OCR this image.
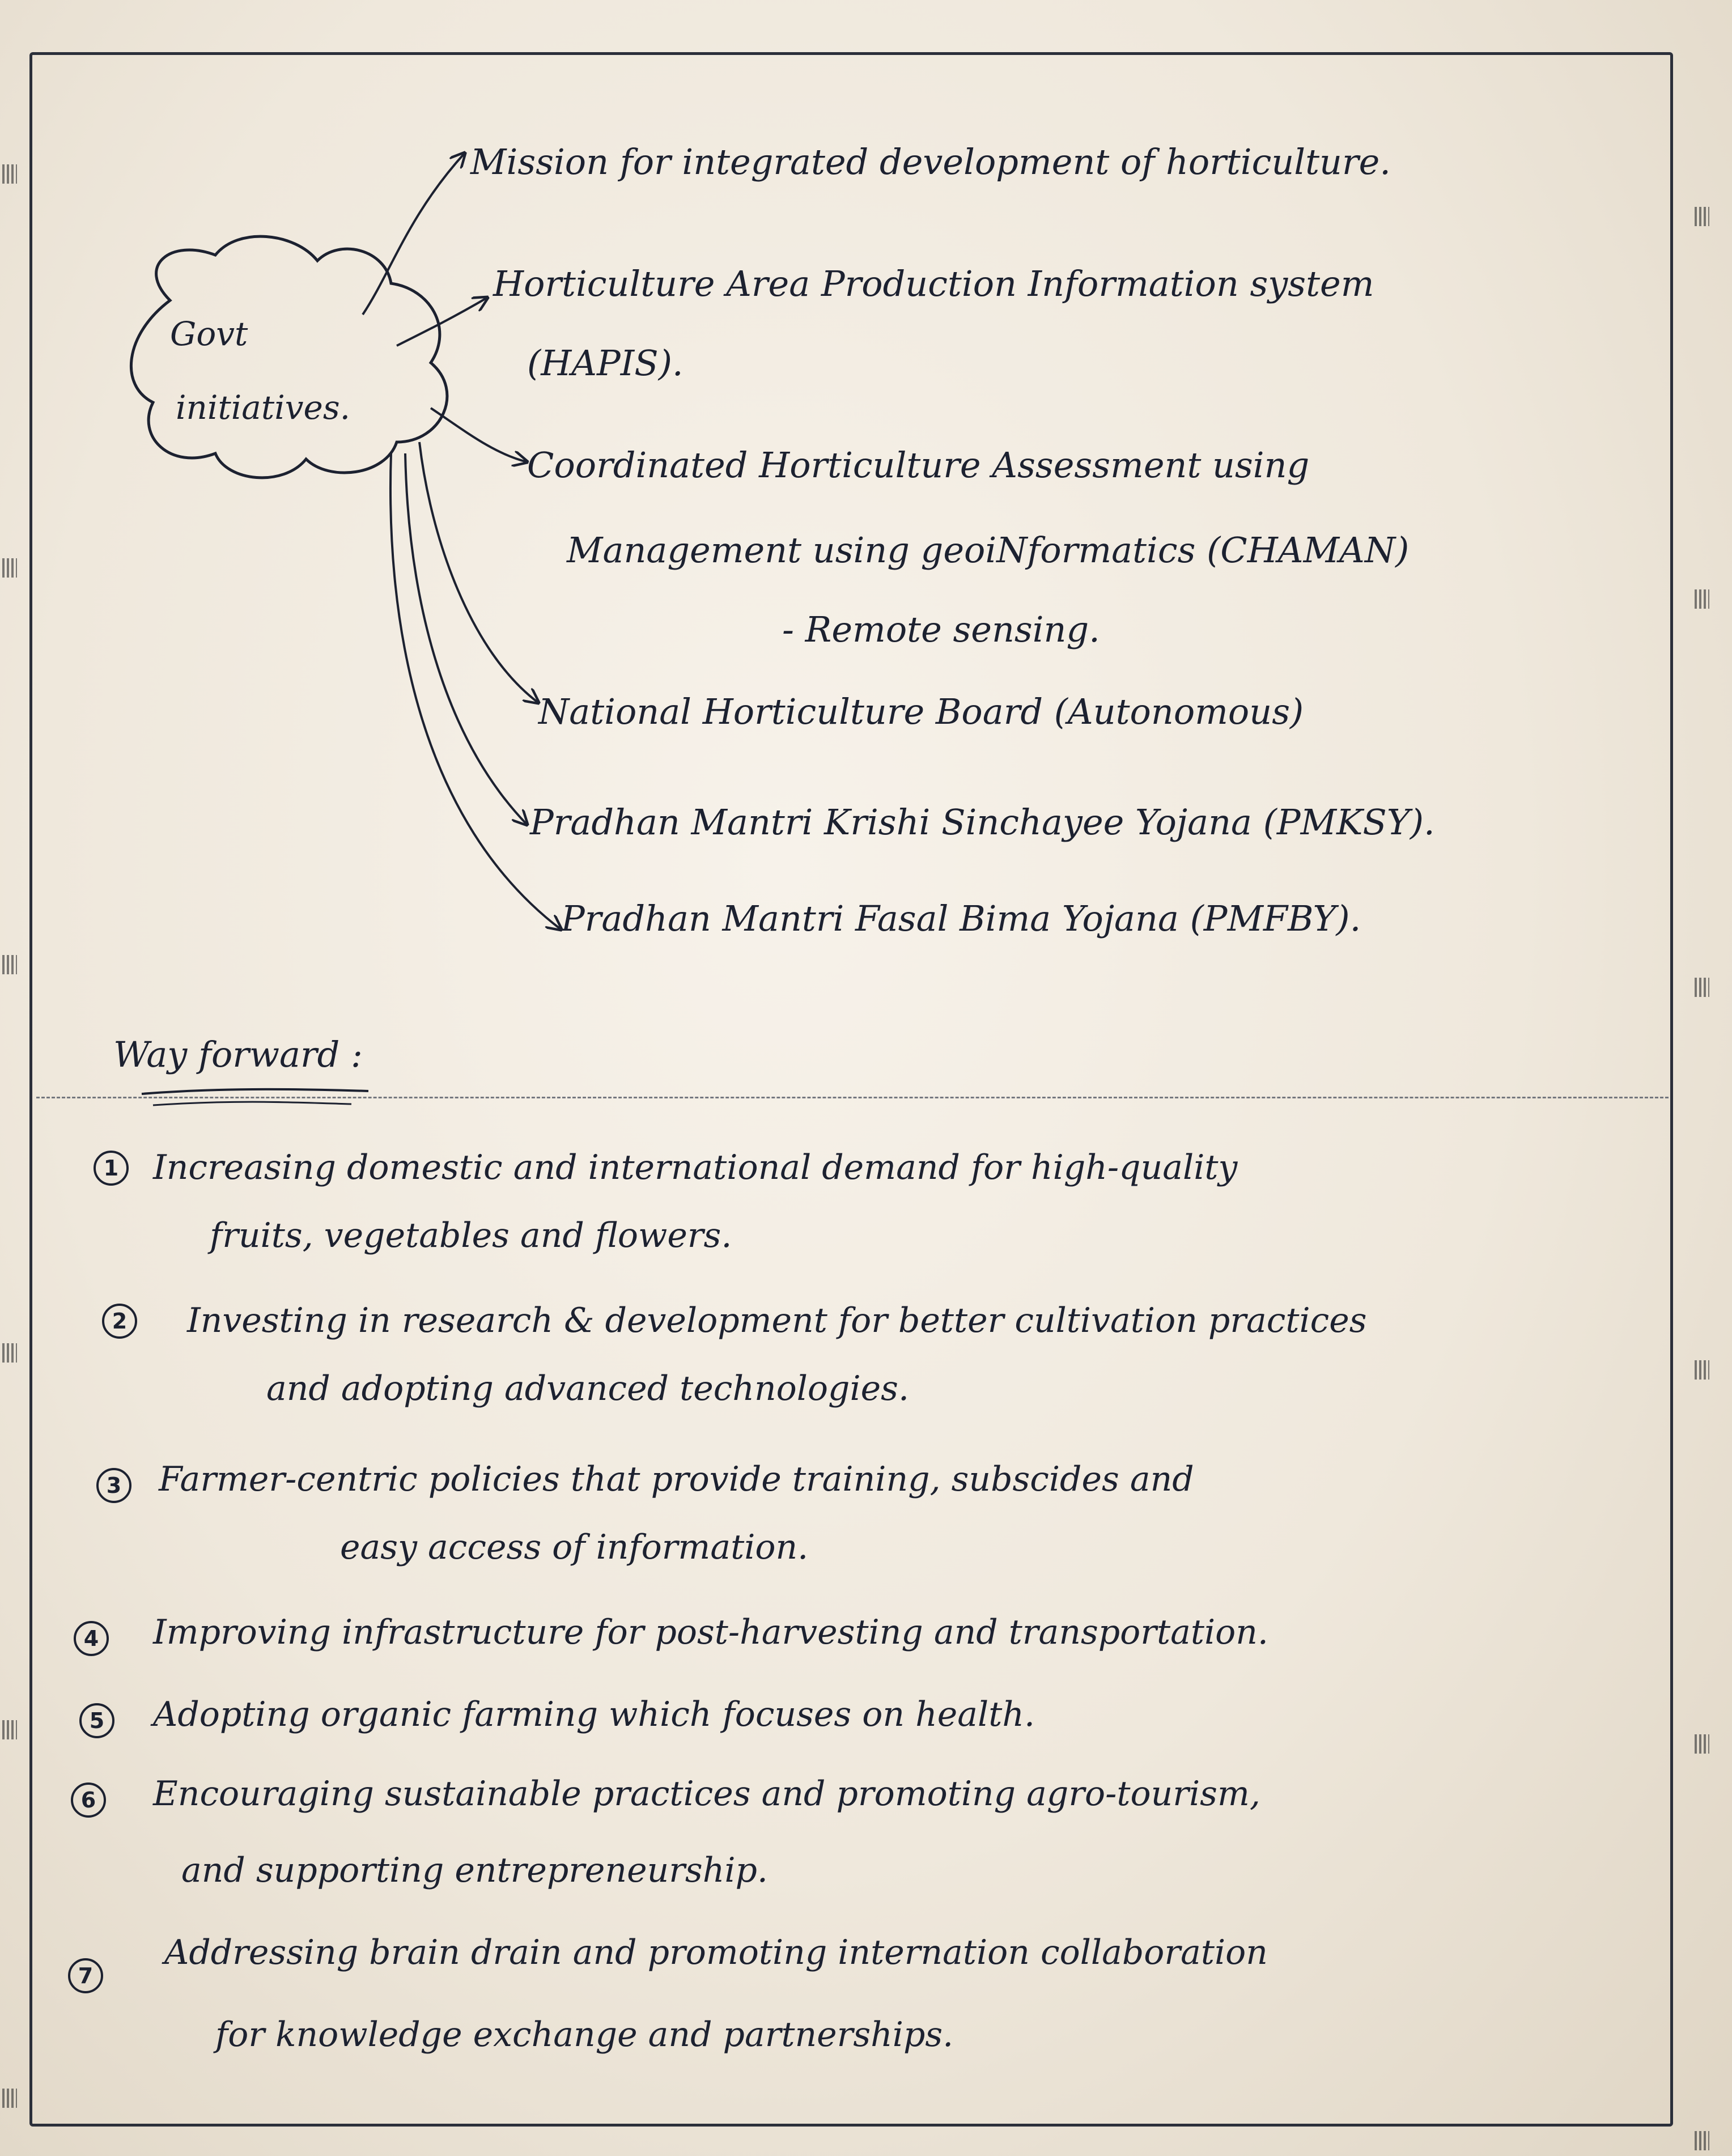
Govt
initiatives.
Mission for integrated development of horticulture.
Horticulture Area Production Information system
(HAPIS).
Coordinated Horticulture Assessment using
Management using geoiNformatics (CHAMAN)
- Remote sensing.
National Horticulture Board (Autonomous)
Pradhan Mantri Krishi Sinchayee Yojana (PMKSY).
Pradhan Mantri Fasal Bima Yojana (PMFBY).
Way forward :
1 Increasing domestic and international demand for high-quality
fruits, vegetables and flowers.
2 Investing in research & development for better cultivation practices
and adopting advanced technologies.
3 Farmer-centric policies that provide training, subscides and
easy access of information.
4 Improving infrastructure for post-harvesting and transportation.
5 Adopting organic farming which focuses on health.
6 Encouraging sustainable practices and promoting agro-tourism,
and supporting entrepreneurship.
7
Addressing brain drain and promoting internation collaboration
for knowledge exchange and partnerships.
